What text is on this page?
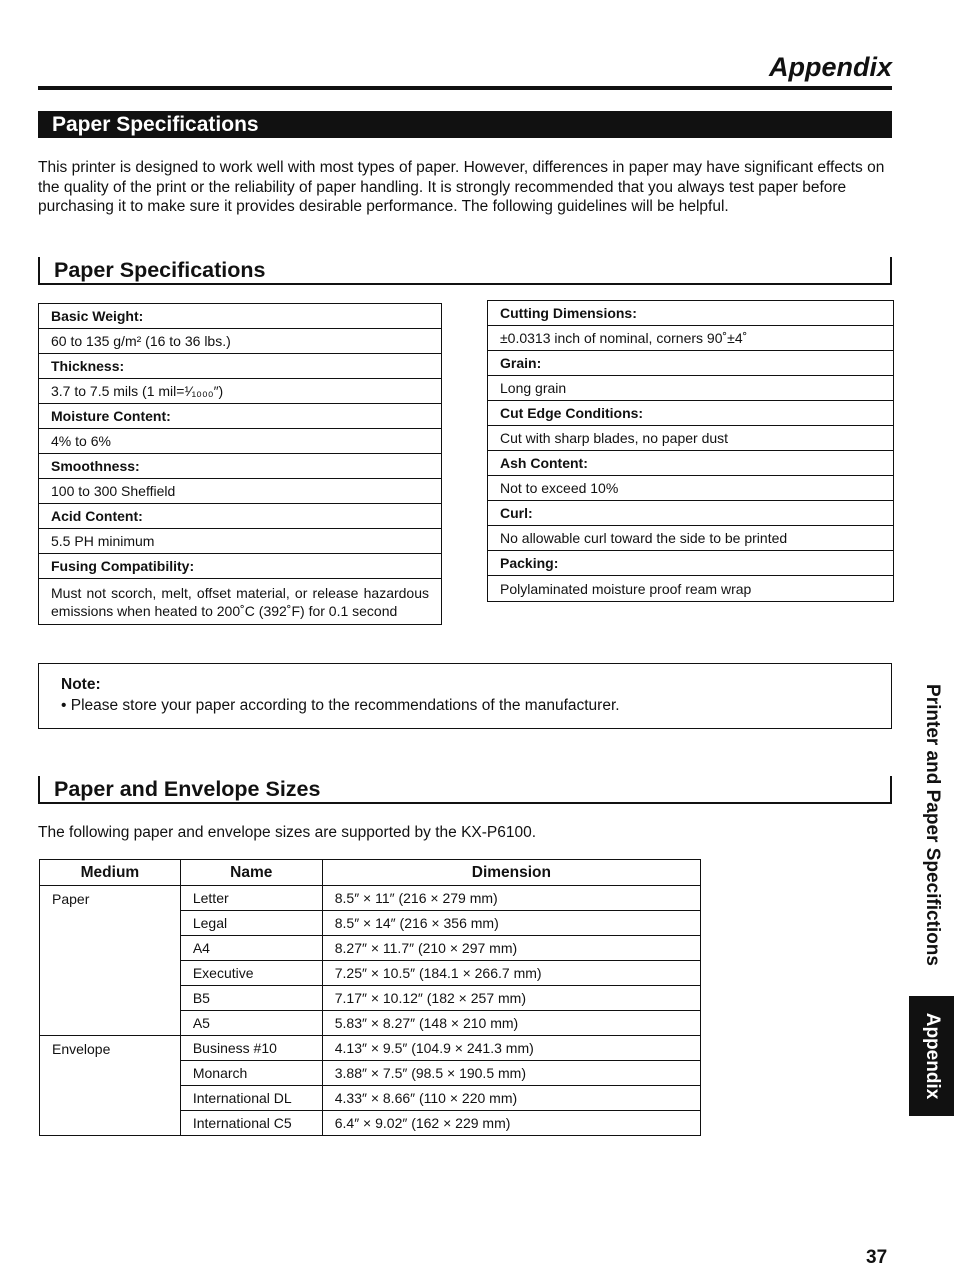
Appendix
Paper Specifications
This printer is designed to work well with most types of paper. However, differences in paper may have significant effects on the quality of the print or the reliability of paper handling. It is strongly recommended that you always test paper before purchasing it to make sure it provides desirable performance. The following guidelines will be helpful.
Paper Specifications
Basic Weight:
60 to 135 g/m² (16 to 36 lbs.)
Thickness:
3.7 to 7.5 mils (1 mil=¹⁄₁₀₀₀″)
Moisture Content:
4% to 6%
Smoothness:
100 to 300 Sheffield
Acid Content:
5.5 PH minimum
Fusing Compatibility:
Must not scorch, melt, offset material, or release hazardous emissions when heated to 200˚C (392˚F) for 0.1 second
Cutting Dimensions:
±0.0313 inch of nominal, corners 90˚±4˚
Grain:
Long grain
Cut Edge Conditions:
Cut with sharp blades, no paper dust
Ash Content:
Not to exceed 10%
Curl:
No allowable curl toward the side to be printed
Packing:
Polylaminated moisture proof ream wrap
Note:
• Please store your paper according to the recommendations of the manufacturer.
Paper and Envelope Sizes
The following paper and envelope sizes are supported by the KX-P6100.
Medium	Name	Dimension
Paper	Letter	8.5″ × 11″ (216 × 279 mm)
	Legal	8.5″ × 14″ (216 × 356 mm)
	A4	8.27″ × 11.7″ (210 × 297 mm)
	Executive	7.25″ × 10.5″ (184.1 × 266.7 mm)
	B5	7.17″ × 10.12″ (182 × 257 mm)
	A5	5.83″ × 8.27″ (148 × 210 mm)
Envelope	Business #10	4.13″ × 9.5″ (104.9 × 241.3 mm)
	Monarch	3.88″ × 7.5″ (98.5 × 190.5 mm)
	International DL	4.33″ × 8.66″ (110 × 220 mm)
	International C5	6.4″ × 9.02″ (162 × 229 mm)
Printer and Paper Specifictions
Appendix
37
